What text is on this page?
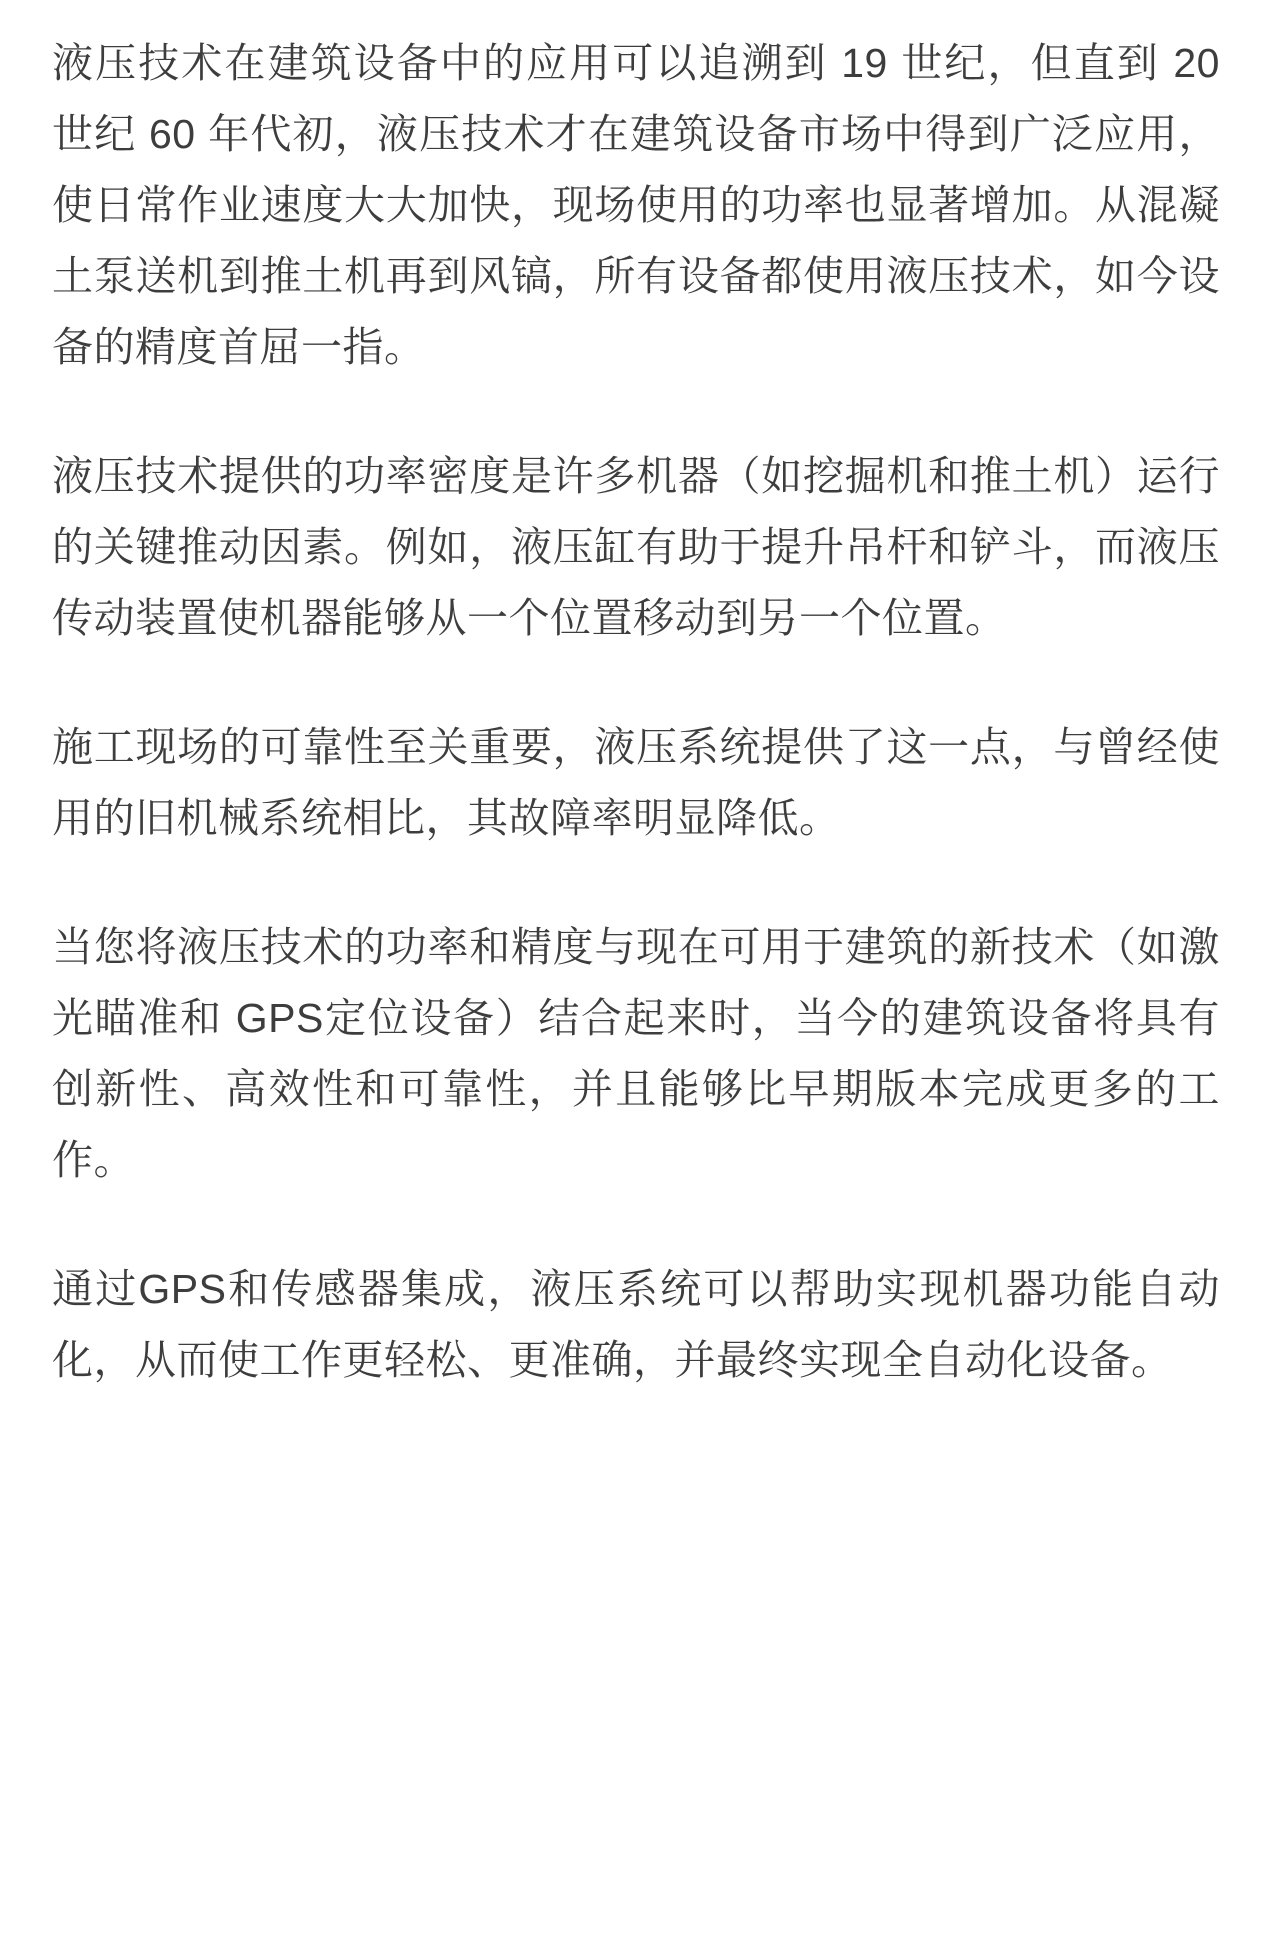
液压技术在建筑设备中的应用可以追溯到 19 世纪，但直到 20 世纪 60 年代初，液压技术才在建筑设备市场中得到广泛应用，使日常作业速度大大加快，现场使用的功率也显著增加。从混凝土泵送机到推土机再到风镐，所有设备都使用液压技术，如今设备的精度首屈一指。

液压技术提供的功率密度是许多机器（如挖掘机和推土机）运行的关键推动因素。例如，液压缸有助于提升吊杆和铲斗，而液压传动装置使机器能够从一个位置移动到另一个位置。

施工现场的可靠性至关重要，液压系统提供了这一点，与曾经使用的旧机械系统相比，其故障率明显降低。

当您将液压技术的功率和精度与现在可用于建筑的新技术（如激光瞄准和 GPS定位设备）结合起来时，当今的建筑设备将具有创新性、高效性和可靠性，并且能够比早期版本完成更多的工作。

通过GPS和传感器集成，液压系统可以帮助实现机器功能自动化，从而使工作更轻松、更准确，并最终实现全自动化设备。
